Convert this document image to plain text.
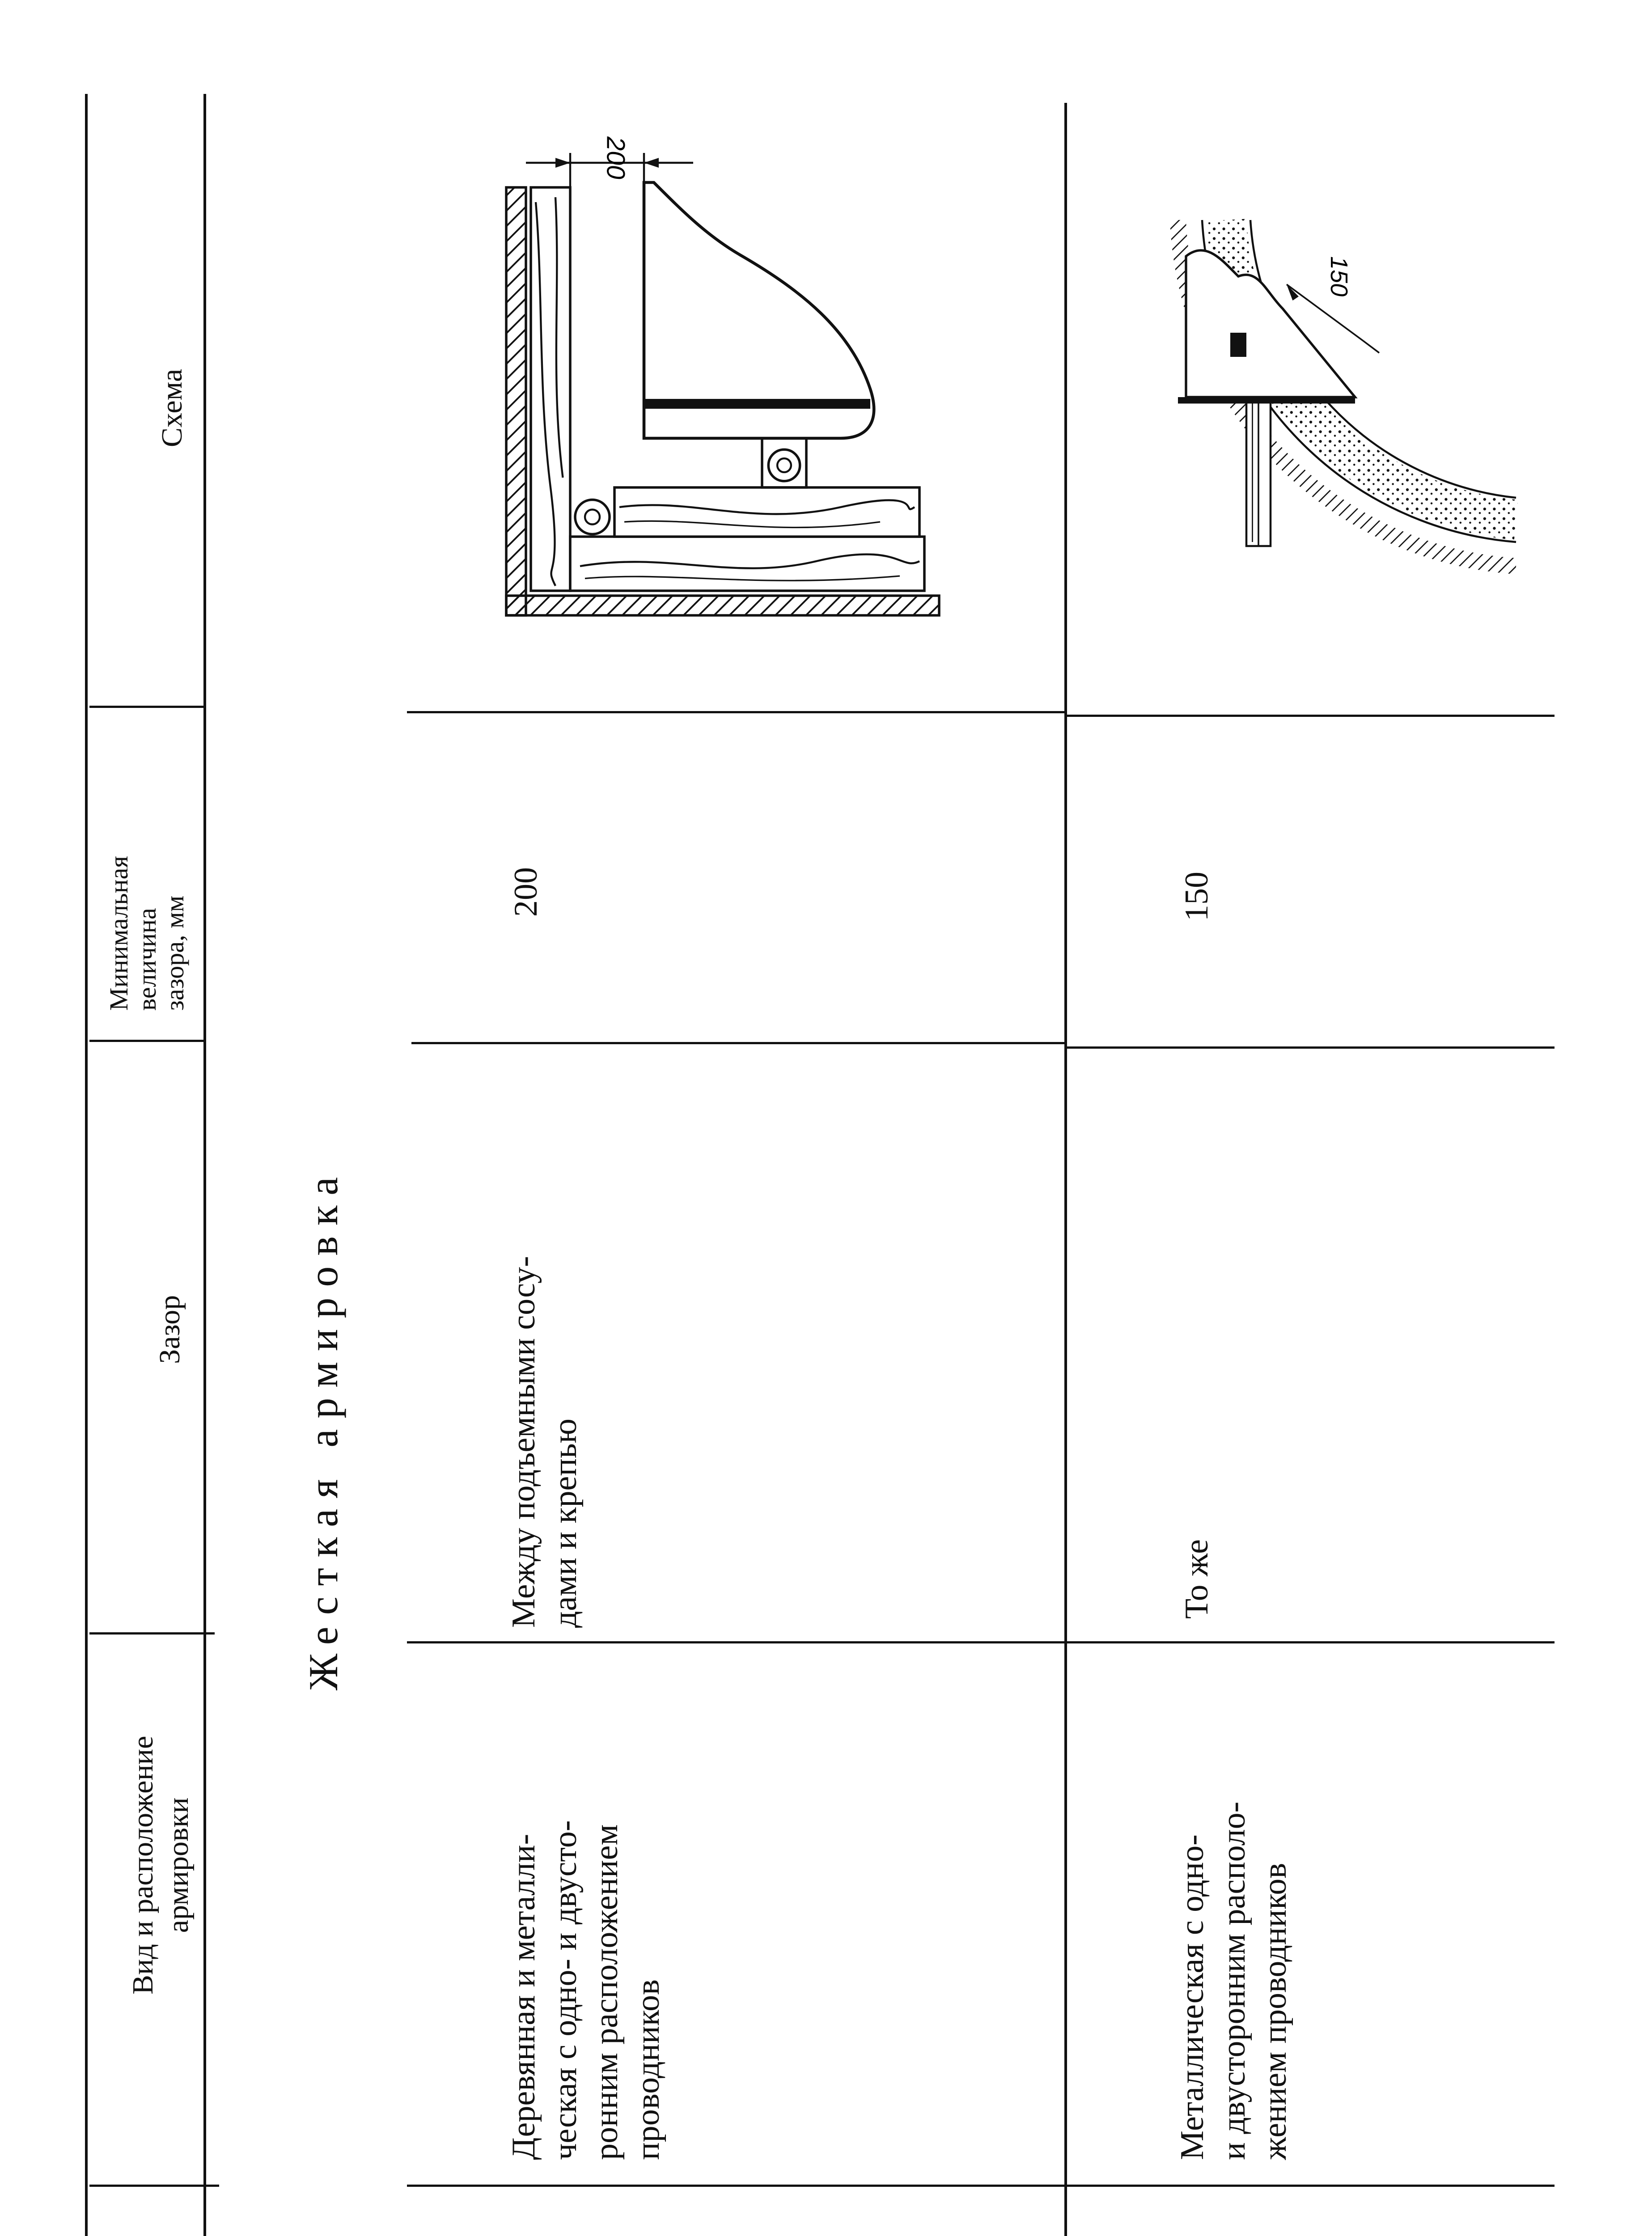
Вид и расположение
армировки
Зазор
Минимальная
величина
зазора, мм
Схема
Жесткая армировка
Деревянная и металли-
ческая с одно- и двусто-
ронним расположением
проводников
Между подъемными сосу-
дами и крепью
200
200
Металлическая с одно-
и двусторонним располо-
жением проводников
То же
150
150
